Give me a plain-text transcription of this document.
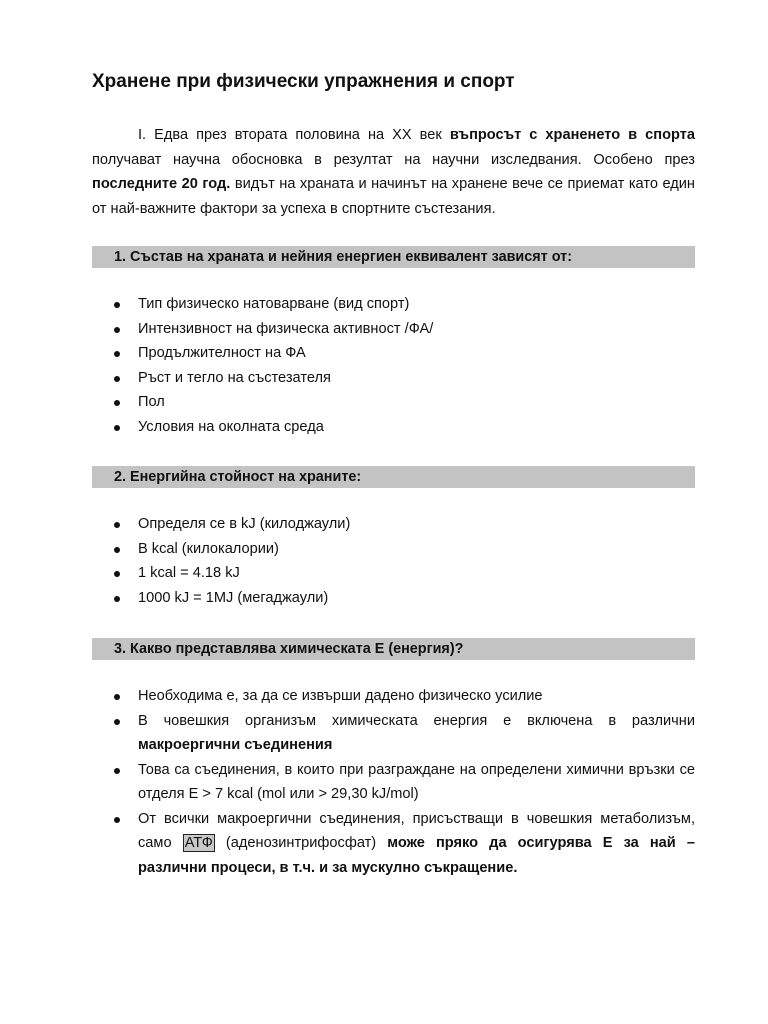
Хранене при физически упражнения и спорт

I. Едва през втората половина на XX век въпросът с храненето в спорта получават научна обосновка в резултат на научни изследвания. Особено през последните 20 год. видът на храната и начинът на хранене вече се приемат като един от най-важните фактори за успеха в спортните състезания.

1. Състав на храната и нейния енергиен еквивалент зависят от:
Тип физическо натоварване (вид спорт)
Интензивност на физическа активност /ФА/
Продължителност на ФА
Ръст и тегло на състезателя
Пол
Условия на околната среда
2. Енергийна стойност на храните:
Определя се в kJ (килоджаули)
В kcal (килокалории)
1 kcal = 4.18 kJ
1000 kJ = 1MJ (мегаджаули)
3. Какво представлява химическата Е (енергия)?
Необходима е, за да се извърши дадено физическо усилие
В човешкия организъм химическата енергия е включена в различни макроергични съединения
Това са съединения, в които при разграждане на определени химични връзки се отделя Е > 7 kcal (mol или > 29,30 kJ/mol)
От всички макроергични съединения, присъстващи в човешкия метаболизъм, само АТФ (аденозинтрифосфат) може пряко да осигурява Е за най – различни процеси, в т.ч. и за мускулно съкращение.
